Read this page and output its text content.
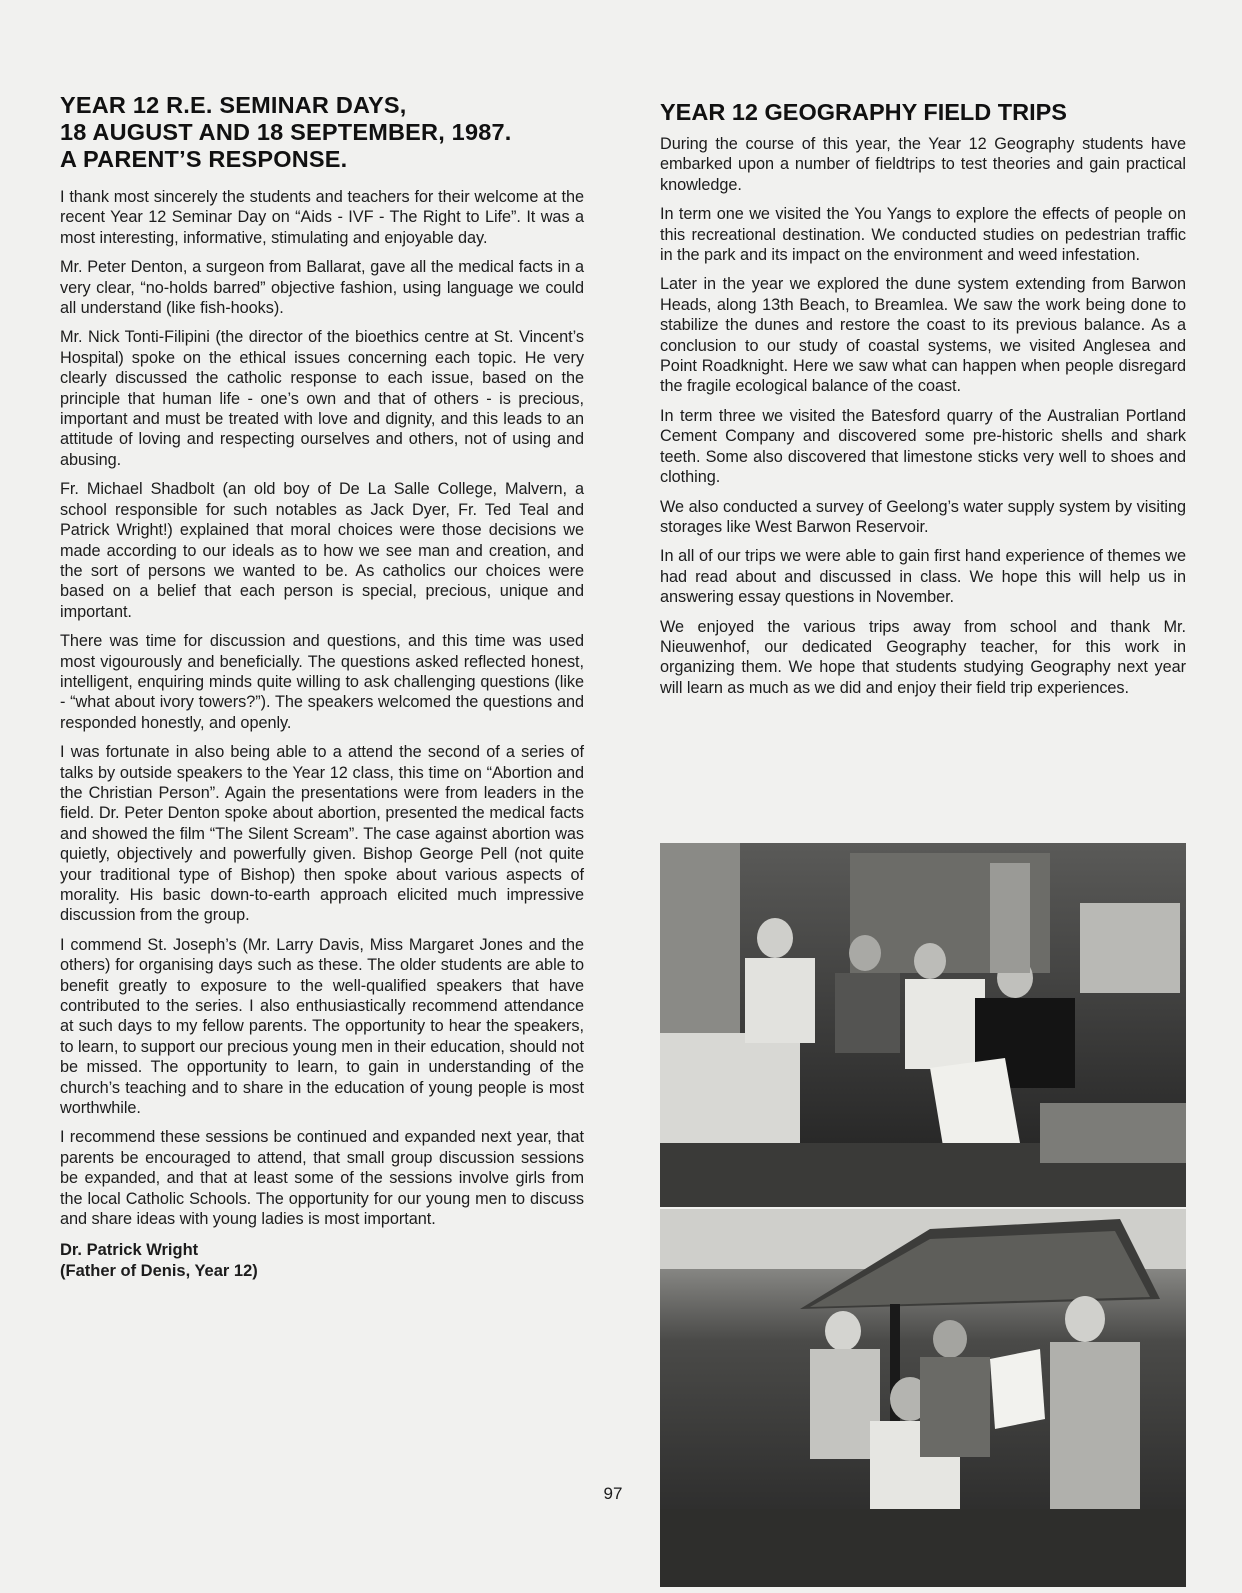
YEAR 12 R.E. SEMINAR DAYS,
18 AUGUST AND 18 SEPTEMBER, 1987.
A PARENT’S RESPONSE.

I thank most sincerely the students and teachers for their welcome at the recent Year 12 Seminar Day on “Aids - IVF - The Right to Life”. It was a most interesting, informative, stimulating and enjoyable day.

Mr. Peter Denton, a surgeon from Ballarat, gave all the medical facts in a very clear, “no-holds barred” objective fashion, using language we could all understand (like fish-hooks).

Mr. Nick Tonti-Filipini (the director of the bioethics centre at St. Vincent’s Hospital) spoke on the ethical issues concerning each topic. He very clearly discussed the catholic response to each issue, based on the principle that human life - one’s own and that of others - is precious, important and must be treated with love and dignity, and this leads to an attitude of loving and respecting ourselves and others, not of using and abusing.

Fr. Michael Shadbolt (an old boy of De La Salle College, Malvern, a school responsible for such notables as Jack Dyer, Fr. Ted Teal and Patrick Wright!) explained that moral choices were those decisions we made according to our ideals as to how we see man and creation, and the sort of persons we wanted to be. As catholics our choices were based on a belief that each person is special, precious, unique and important.

There was time for discussion and questions, and this time was used most vigourously and beneficially. The questions asked reflected honest, intelligent, enquiring minds quite willing to ask challenging questions (like - “what about ivory towers?”). The speakers welcomed the questions and responded honestly, and openly.

I was fortunate in also being able to a attend the second of a series of talks by outside speakers to the Year 12 class, this time on “Abortion and the Christian Person”. Again the presentations were from leaders in the field. Dr. Peter Denton spoke about abortion, presented the medical facts and showed the film “The Silent Scream”. The case against abortion was quietly, objectively and powerfully given. Bishop George Pell (not quite your traditional type of Bishop) then spoke about various aspects of morality. His basic down-to-earth approach elicited much impressive discussion from the group.

I commend St. Joseph’s (Mr. Larry Davis, Miss Margaret Jones and the others) for organising days such as these. The older students are able to benefit greatly to exposure to the well-qualified speakers that have contributed to the series. I also enthusiastically recommend attendance at such days to my fellow parents. The opportunity to hear the speakers, to learn, to support our precious young men in their education, should not be missed. The opportunity to learn, to gain in understanding of the church’s teaching and to share in the education of young people is most worthwhile.

I recommend these sessions be continued and expanded next year, that parents be encouraged to attend, that small group discussion sessions be expanded, and that at least some of the sessions involve girls from the local Catholic Schools. The opportunity for our young men to discuss and share ideas with young ladies is most important.

Dr. Patrick Wright
(Father of Denis, Year 12)
YEAR 12 GEOGRAPHY FIELD TRIPS

During the course of this year, the Year 12 Geography students have embarked upon a number of fieldtrips to test theories and gain practical knowledge.

In term one we visited the You Yangs to explore the effects of people on this recreational destination. We conducted studies on pedestrian traffic in the park and its impact on the environment and weed infestation.

Later in the year we explored the dune system extending from Barwon Heads, along 13th Beach, to Breamlea. We saw the work being done to stabilize the dunes and restore the coast to its previous balance. As a conclusion to our study of coastal systems, we visited Anglesea and Point Roadknight. Here we saw what can happen when people disregard the fragile ecological balance of the coast.

In term three we visited the Batesford quarry of the Australian Portland Cement Company and discovered some pre-historic shells and shark teeth. Some also discovered that limestone sticks very well to shoes and clothing.

We also conducted a survey of Geelong’s water supply system by visiting storages like West Barwon Reservoir.

In all of our trips we were able to gain first hand experience of themes we had read about and discussed in class. We hope this will help us in answering essay questions in November.

We enjoyed the various trips away from school and thank Mr. Nieuwenhof, our dedicated Geography teacher, for this work in organizing them. We hope that students studying Geography next year will learn as much as we did and enjoy their field trip experiences.

97
